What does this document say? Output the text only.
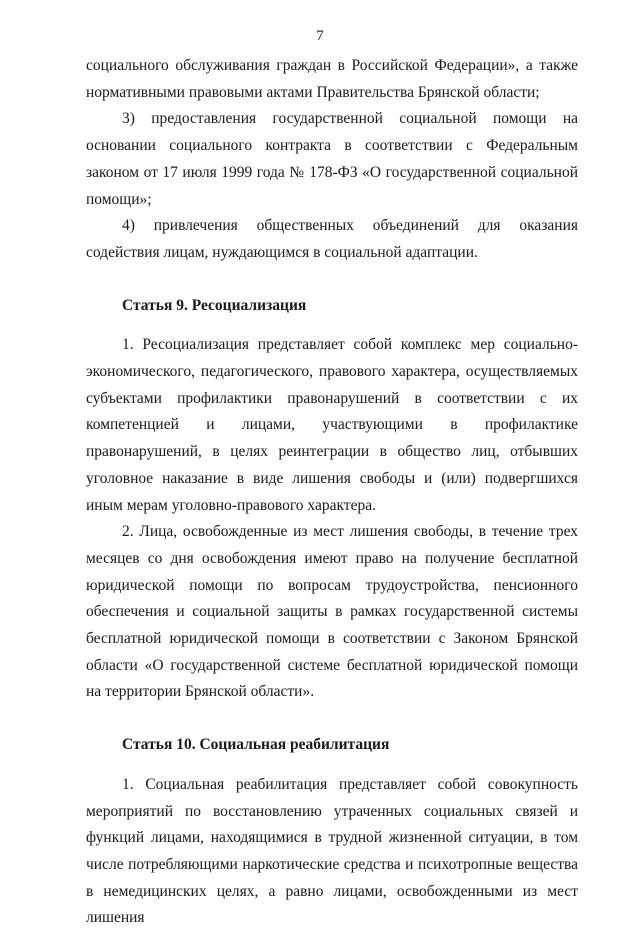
7

социального обслуживания граждан в Российской Федерации», а также нормативными правовыми актами Правительства Брянской области;

3) предоставления государственной социальной помощи на основании социального контракта в соответствии с Федеральным законом от 17 июля 1999 года № 178-ФЗ «О государственной социальной помощи»;

4) привлечения общественных объединений для оказания содействия лицам, нуждающимся в социальной адаптации.

Статья 9. Ресоциализация

1. Ресоциализация представляет собой комплекс мер социально-экономического, педагогического, правового характера, осуществляемых субъектами профилактики правонарушений в соответствии с их компетенцией и лицами, участвующими в профилактике правонарушений, в целях реинтеграции в общество лиц, отбывших уголовное наказание в виде лишения свободы и (или) подвергшихся иным мерам уголовно-правового характера.

2. Лица, освобожденные из мест лишения свободы, в течение трех месяцев со дня освобождения имеют право на получение бесплатной юридической помощи по вопросам трудоустройства, пенсионного обеспечения и социальной защиты в рамках государственной системы бесплатной юридической помощи в соответствии с Законом Брянской области «О государственной системе бесплатной юридической помощи на территории Брянской области».

Статья 10. Социальная реабилитация

1. Социальная реабилитация представляет собой совокупность мероприятий по восстановлению утраченных социальных связей и функций лицами, находящимися в трудной жизненной ситуации, в том числе потребляющими наркотические средства и психотропные вещества в немедицинских целях, а равно лицами, освобожденными из мест лишения
